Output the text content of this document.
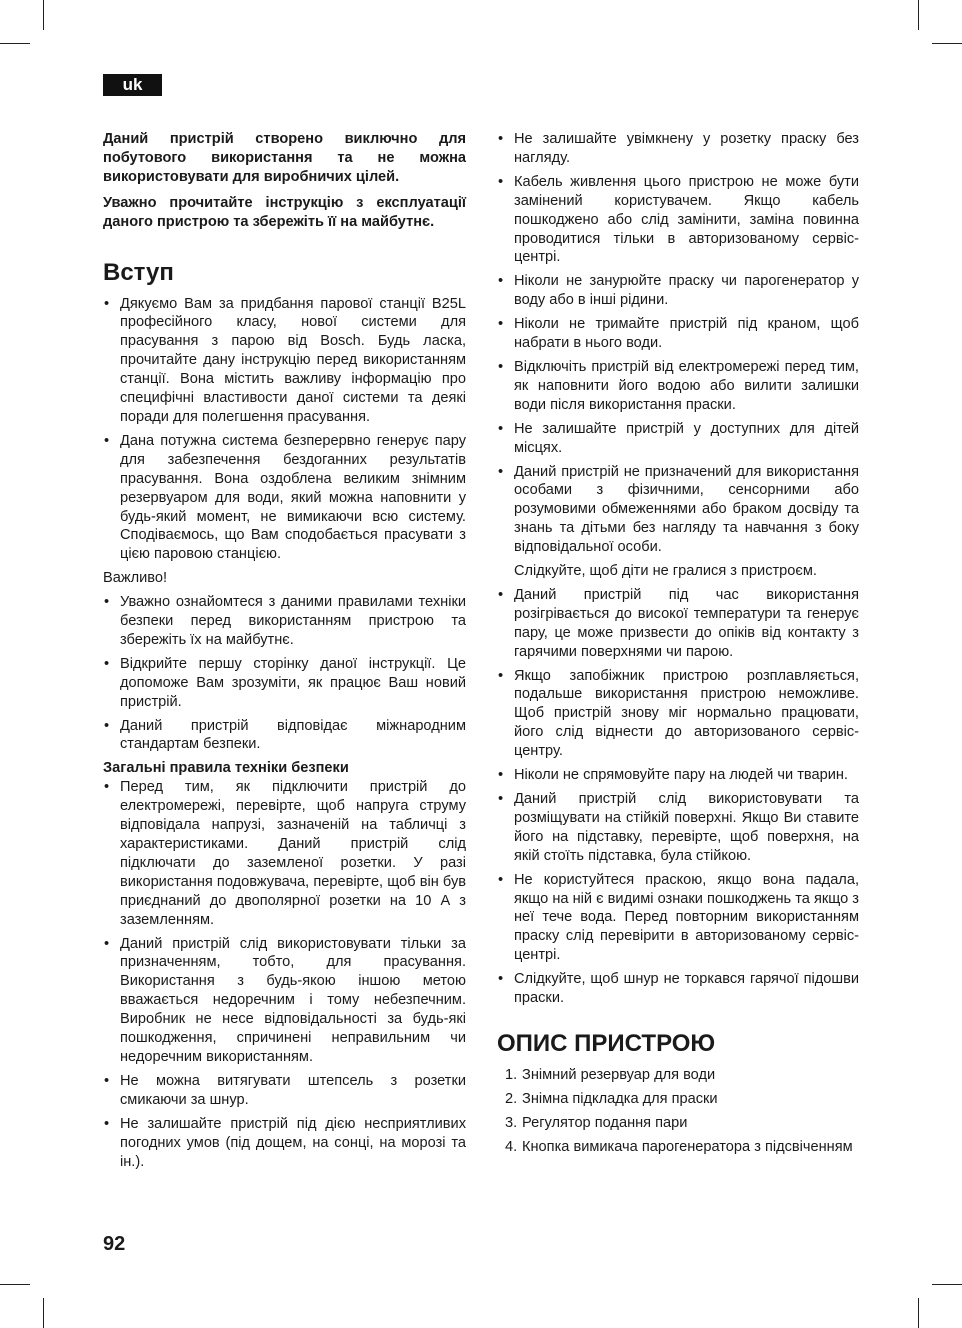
uk

Даний пристрій створено виключно для побутового використання та не можна використовувати для виробничих цілей.

Уважно прочитайте інструкцію з експлуатації даного пристрою та збережіть її на майбутнє.

Вступ
• Дякуємо Вам за придбання парової станції B25L професійного класу, нової системи для прасування з парою від Bosch. Будь ласка, прочитайте дану інструкцію перед використанням станції. Вона містить важливу інформацію про специфічні властивости даної системи та деякі поради для полегшення прасування.
• Дана потужна система безперервно генерує пару для забезпечення бездоганних результатів прасування. Вона оздоблена великим знімним резервуаром для води, який можна наповнити у будь-який момент, не вимикаючи всю систему. Сподіваємось, що Вам сподобається прасувати з цією паровою станцією.

Важливо!

• Уважно ознайомтеся з даними правилами техніки безпеки перед використанням пристрою та збережіть їх на майбутнє.
• Відкрийте першу сторінку даної інструкції. Це допоможе Вам зрозуміти, як працює Ваш новий пристрій.
• Даний пристрій відповідає міжнародним стандартам безпеки.

Загальні правила техніки безпеки

• Перед тим, як підключити пристрій до електромережі, перевірте, щоб напруга струму відповідала напрузі, зазначеній на табличці з характеристиками. Даний пристрій слід підключати до заземленої розетки. У разі використання подовжувача, перевірте, щоб він був приєднаний до двополярної розетки на 10 А з заземленням.
• Даний пристрій слід використовувати тільки за призначенням, тобто, для прасування. Використання з будь-якою іншою метою вважається недоречним і тому небезпечним. Виробник не несе відповідальності за будь-які пошкодження, спричинені неправильним чи недоречним використанням.
• Не можна витягувати штепсель з розетки смикаючи за шнур.
• Не залишайте пристрій під дією несприятливих погодних умов (під дощем, на сонці, на морозі та ін.).
• Не залишайте увімкнену у розетку праску без нагляду.
• Кабель живлення цього пристрою не може бути замінений користувачем. Якщо кабель пошкоджено або слід замінити, заміна повинна проводитися тільки в авторизованому сервіс-центрі.
• Ніколи не занурюйте праску чи парогенератор у воду або в інші рідини.
• Ніколи не тримайте пристрій під краном, щоб набрати в нього води.
• Відключіть пристрій від електромережі перед тим, як наповнити його водою або вилити залишки води після використання праски.
• Не залишайте пристрій у доступних для дітей місцях.
• Даний пристрій не призначений для використання особами з фізичними, сенсорними або розумовими обмеженнями або браком досвіду та знань та дітьми без нагляду та навчання з боку відповідальної особи.

Слідкуйте, щоб діти не гралися з пристроєм.

• Даний пристрій під час використання розігрівається до високої температури та генерує пару, це може призвести до опіків від контакту з гарячими поверхнями чи парою.
• Якщо запобіжник пристрою розплавляється, подальше використання пристрою неможливе. Щоб пристрій знову міг нормально працювати, його слід віднести до авторизованого сервіс-центру.
• Ніколи не спрямовуйте пару на людей чи тварин.
• Даний пристрій слід використовувати та розміщувати на стійкій поверхні. Якщо Ви ставите його на підставку, перевірте, щоб поверхня, на якій стоїть підставка, була стійкою.
• Не користуйтеся праскою, якщо вона падала, якщо на ній є видимі ознаки пошкоджень та якщо з неї тече вода. Перед повторним використанням праску слід перевірити в авторизованому сервіс-центрі.
• Слідкуйте, щоб шнур не торкався гарячої підошви праски.
ОПИС ПРИСТРОЮ
1. Знімний резервуар для води
2. Знімна підкладка для праски
3. Регулятор подання пари
4. Кнопка вимикача парогенератора з підсвіченням
92
